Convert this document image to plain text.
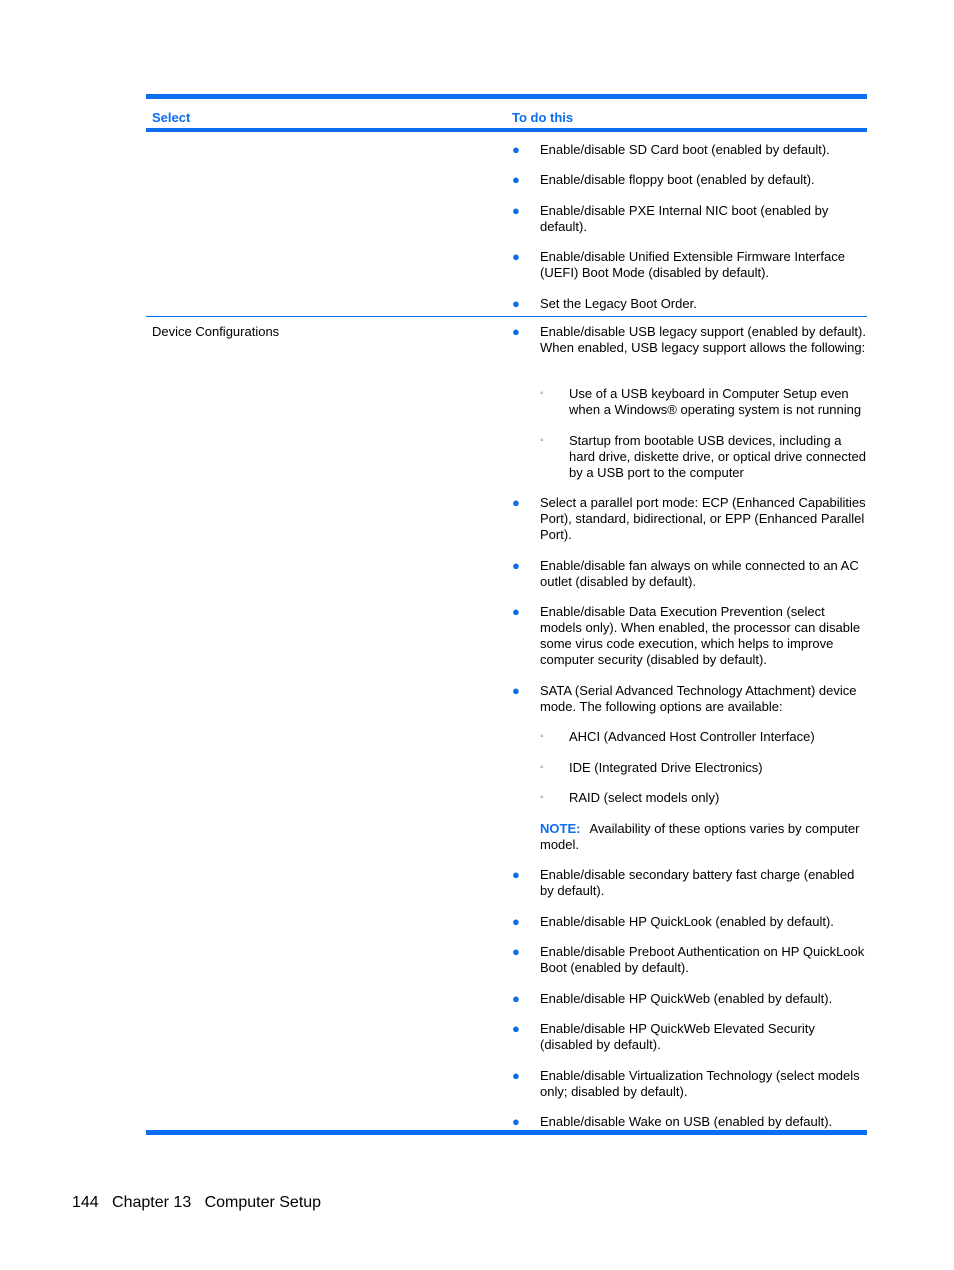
Select	To do this
● Enable/disable SD Card boot (enabled by default).
● Enable/disable floppy boot (enabled by default).
● Enable/disable PXE Internal NIC boot (enabled by default).
● Enable/disable Unified Extensible Firmware Interface (UEFI) Boot Mode (disabled by default).
● Set the Legacy Boot Order.
Device Configurations	● Enable/disable USB legacy support (enabled by default). When enabled, USB legacy support allows the following:
◦ Use of a USB keyboard in Computer Setup even when a Windows® operating system is not running
◦ Startup from bootable USB devices, including a hard drive, diskette drive, or optical drive connected by a USB port to the computer
● Select a parallel port mode: ECP (Enhanced Capabilities Port), standard, bidirectional, or EPP (Enhanced Parallel Port).
● Enable/disable fan always on while connected to an AC outlet (disabled by default).
● Enable/disable Data Execution Prevention (select models only). When enabled, the processor can disable some virus code execution, which helps to improve computer security (disabled by default).
● SATA (Serial Advanced Technology Attachment) device mode. The following options are available:
◦ AHCI (Advanced Host Controller Interface)
◦ IDE (Integrated Drive Electronics)
◦ RAID (select models only)
NOTE: Availability of these options varies by computer model.
● Enable/disable secondary battery fast charge (enabled by default).
● Enable/disable HP QuickLook (enabled by default).
● Enable/disable Preboot Authentication on HP QuickLook Boot (enabled by default).
● Enable/disable HP QuickWeb (enabled by default).
● Enable/disable HP QuickWeb Elevated Security (disabled by default).
● Enable/disable Virtualization Technology (select models only; disabled by default).
● Enable/disable Wake on USB (enabled by default).
144 Chapter 13 Computer Setup
